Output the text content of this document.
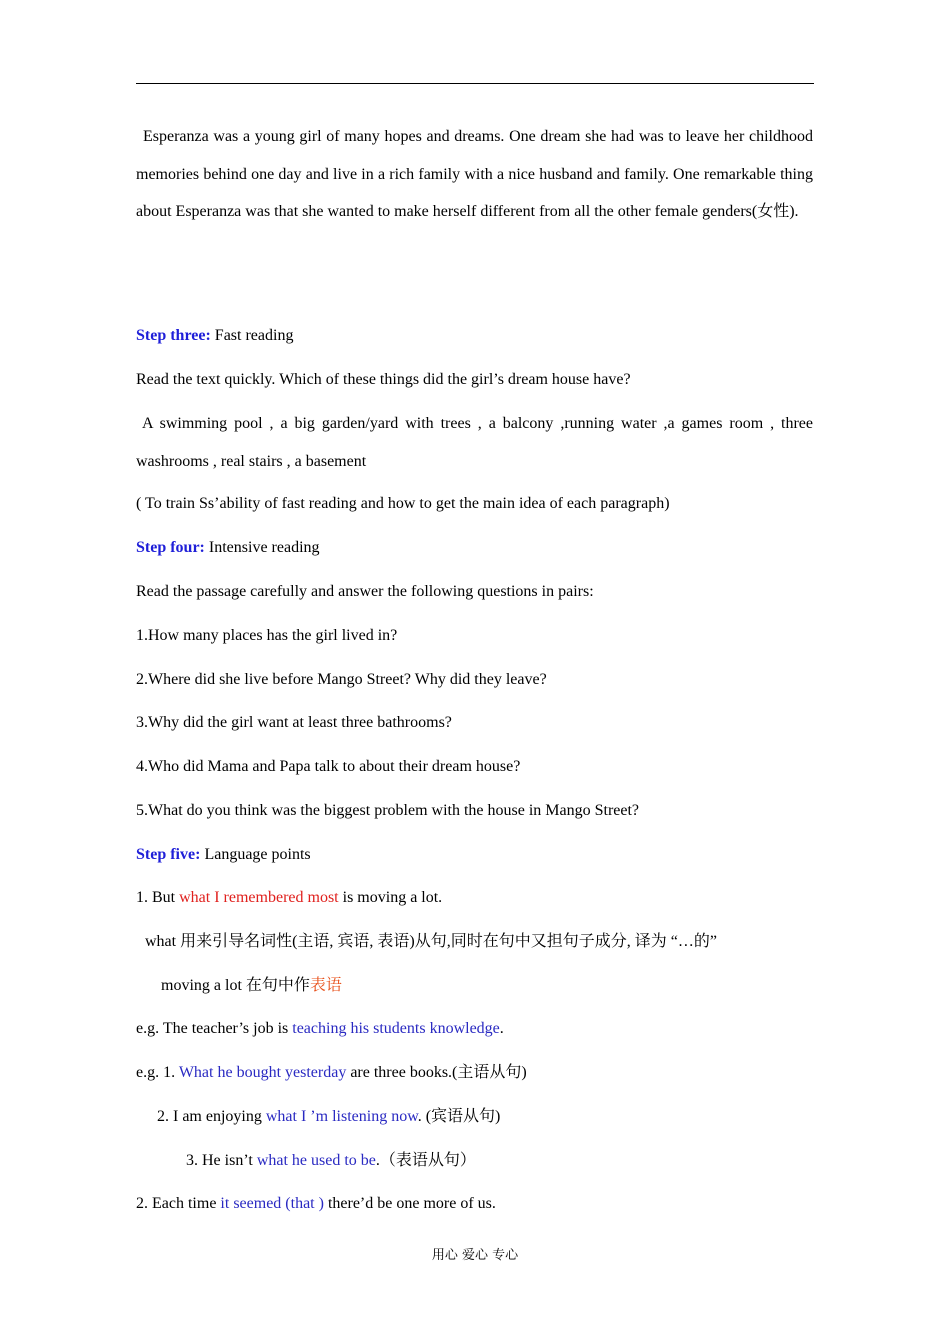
Esperanza was a young girl of many hopes and dreams. One dream she had was to leave her childhood memories behind one day and live in a rich family with a nice husband and family. One remarkable thing about Esperanza was that she wanted to make herself different from all the other female genders(女性).

Step three: Fast reading

Read the text quickly. Which of these things did the girl’s dream house have?

A swimming pool , a big garden/yard with trees , a balcony ,running water ,a games room , three washrooms , real stairs , a basement

( To train Ss’ability of fast reading and how to get the main idea of each paragraph)

Step four: Intensive reading

Read the passage carefully and answer the following questions in pairs:

1.How many places has the girl lived in?

2.Where did she live before Mango Street? Why did they leave?

3.Why did the girl want at least three bathrooms?

4.Who did Mama and Papa talk to about their dream house?

5.What do you think was the biggest problem with the house in Mango Street?

Step five: Language points

1. But what I remembered most is moving a lot.

what 用来引导名词性(主语, 宾语, 表语)从句,同时在句中又担句子成分, 译为 “…的”

moving a lot 在句中作表语

e.g. The teacher’s job is teaching his students knowledge.

e.g. 1. What he bought yesterday are three books.(主语从句)

2. I am enjoying what I ’m listening now. (宾语从句)

3. He isn’t what he used to be.（表语从句）

2. Each time it seemed (that ) there’d be one more of us.

用心 爱心 专心
